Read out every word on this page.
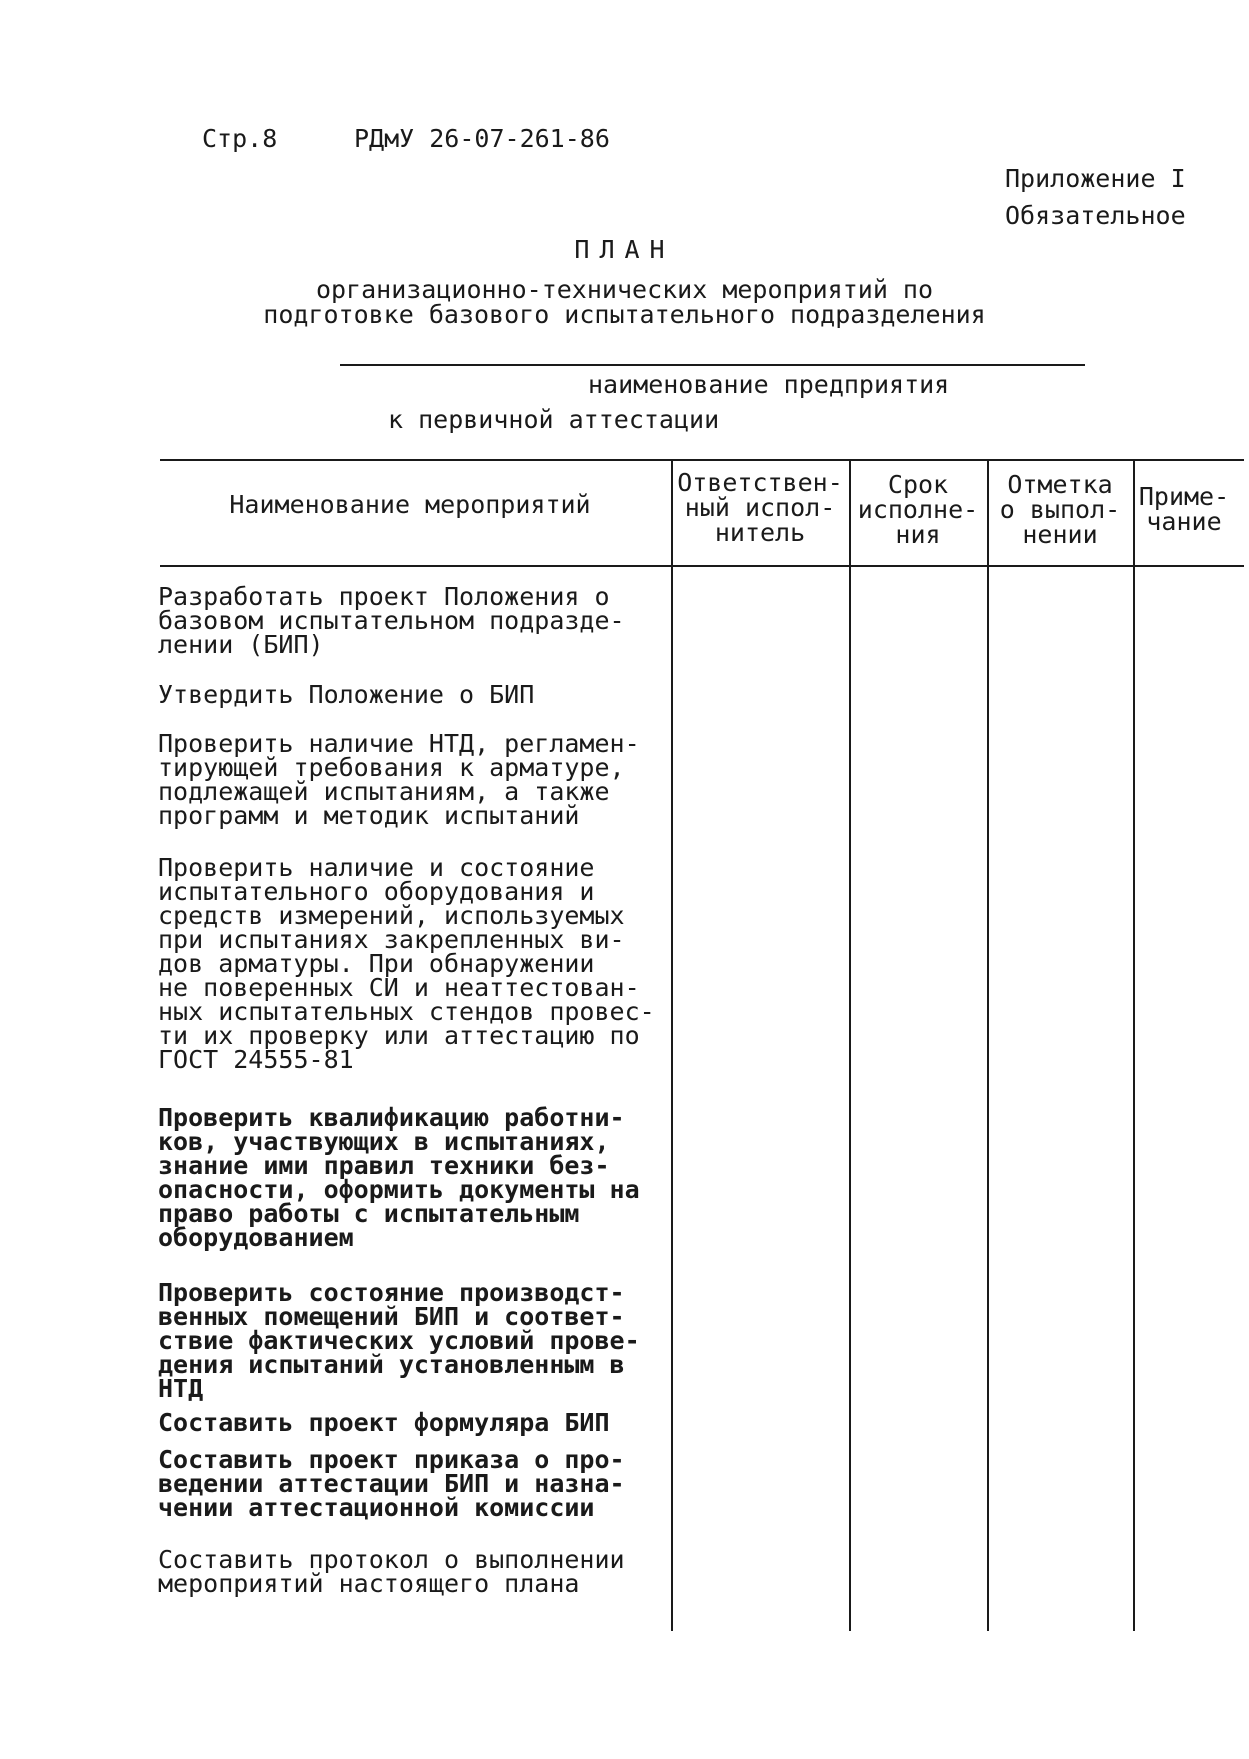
Стр.8	РДмУ 26-07-261-86
Приложение I
Обязательное
ПЛАН
организационно-технических мероприятий по
подготовке базового испытательного подразделения
наименование предприятия
к первичной аттестации
Наименование мероприятий
Ответствен-
ный испол-
нитель
Срок
исполне-
ния
Отметка
о выпол-
нении
Приме-
чание
Разработать проект Положения о
базовом испытательном подразде-
лении (БИП)
Утвердить Положение о БИП
Проверить наличие НТД, регламен-
тирующей требования к арматуре,
подлежащей испытаниям, а также
программ и методик испытаний
Проверить наличие и состояние
испытательного оборудования и
средств измерений, используемых
при испытаниях закрепленных ви-
дов арматуры. При обнаружении
не поверенных СИ и неаттестован-
ных испытательных стендов провес-
ти их проверку или аттестацию по
ГОСТ 24555-81
Проверить квалификацию работни-
ков, участвующих в испытаниях,
знание ими правил техники без-
опасности, оформить документы на
право работы с испытательным
оборудованием
Проверить состояние производст-
венных помещений БИП и соответ-
ствие фактических условий прове-
дения испытаний установленным в
НТД
Составить проект формуляра БИП
Составить проект приказа о про-
ведении аттестации БИП и назна-
чении аттестационной комиссии
Составить протокол о выполнении
мероприятий настоящего плана
